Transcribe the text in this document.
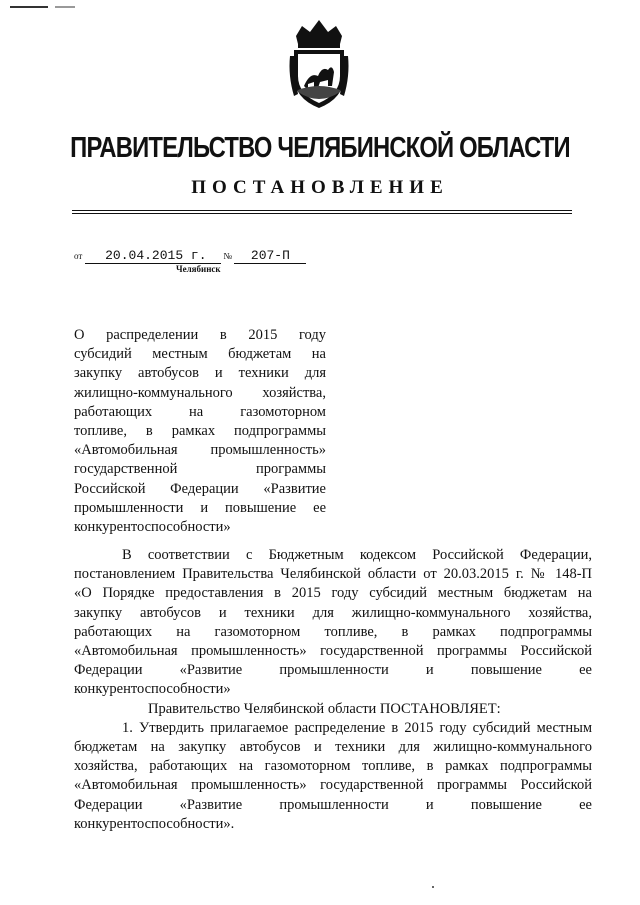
ПРАВИТЕЛЬСТВО ЧЕЛЯБИНСКОЙ ОБЛАСТИ
ПОСТАНОВЛЕНИЕ
от 20.04.2015 г. № 207-П
Челябинск
О распределении в 2015 году
субсидий местным бюджетам на
закупку автобусов и техники для
жилищно-коммунального хозяйства,
работающих на газомоторном
топливе, в рамках подпрограммы
«Автомобильная промышленность»
государственной программы
Российской Федерации «Развитие
промышленности и повышение ее
конкурентоспособности»
В соответствии с Бюджетным кодексом Российской Федерации,
постановлением Правительства Челябинской области от 20.03.2015 г. № 148-П
«О Порядке предоставления в 2015 году субсидий местным бюджетам на
закупку автобусов и техники для жилищно-коммунального хозяйства,
работающих на газомоторном топливе, в рамках подпрограммы
«Автомобильная промышленность» государственной программы Российской
Федерации «Развитие промышленности и повышение ее
конкурентоспособности»
Правительство Челябинской области ПОСТАНОВЛЯЕТ:
1. Утвердить прилагаемое распределение в 2015 году субсидий местным
бюджетам на закупку автобусов и техники для жилищно-коммунального
хозяйства, работающих на газомоторном топливе, в рамках подпрограммы
«Автомобильная промышленность» государственной программы Российской
Федерации «Развитие промышленности и повышение ее
конкурентоспособности».
